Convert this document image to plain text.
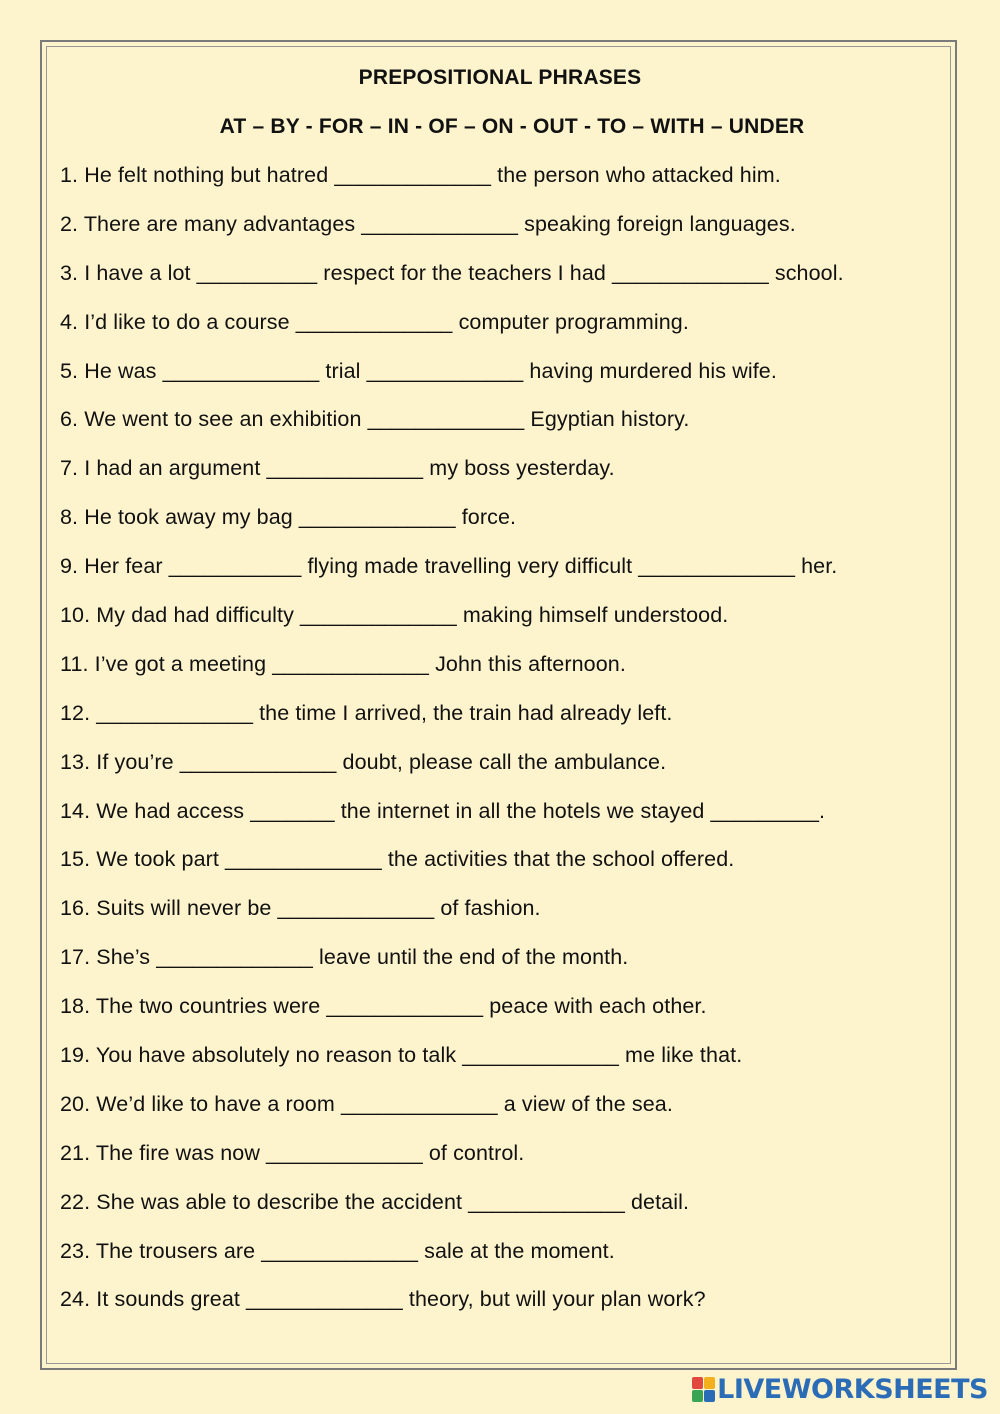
PREPOSITIONAL PHRASES
AT – BY - FOR – IN - OF – ON - OUT - TO – WITH – UNDER
1. He felt nothing but hatred _____________ the person who attacked him.
2. There are many advantages _____________ speaking foreign languages.
3. I have a lot __________ respect for the teachers I had _____________ school.
4. I’d like to do a course _____________ computer programming.
5. He was _____________ trial _____________ having murdered his wife.
6. We went to see an exhibition _____________ Egyptian history.
7. I had an argument _____________ my boss yesterday.
8. He took away my bag _____________ force.
9. Her fear ___________ flying made travelling very difficult _____________ her.
10. My dad had difficulty _____________ making himself understood.
11. I’ve got a meeting _____________ John this afternoon.
12. _____________ the time I arrived, the train had already left.
13. If you’re _____________ doubt, please call the ambulance.
14. We had access _______ the internet in all the hotels we stayed _________.
15. We took part _____________ the activities that the school offered.
16. Suits will never be _____________ of fashion.
17. She’s _____________ leave until the end of the month.
18. The two countries were _____________ peace with each other.
19. You have absolutely no reason to talk _____________ me like that.
20. We’d like to have a room _____________ a view of the sea.
21. The fire was now _____________ of control.
22. She was able to describe the accident _____________ detail.
23. The trousers are _____________ sale at the moment.
24. It sounds great _____________ theory, but will your plan work?
LIVEWORKSHEETS
